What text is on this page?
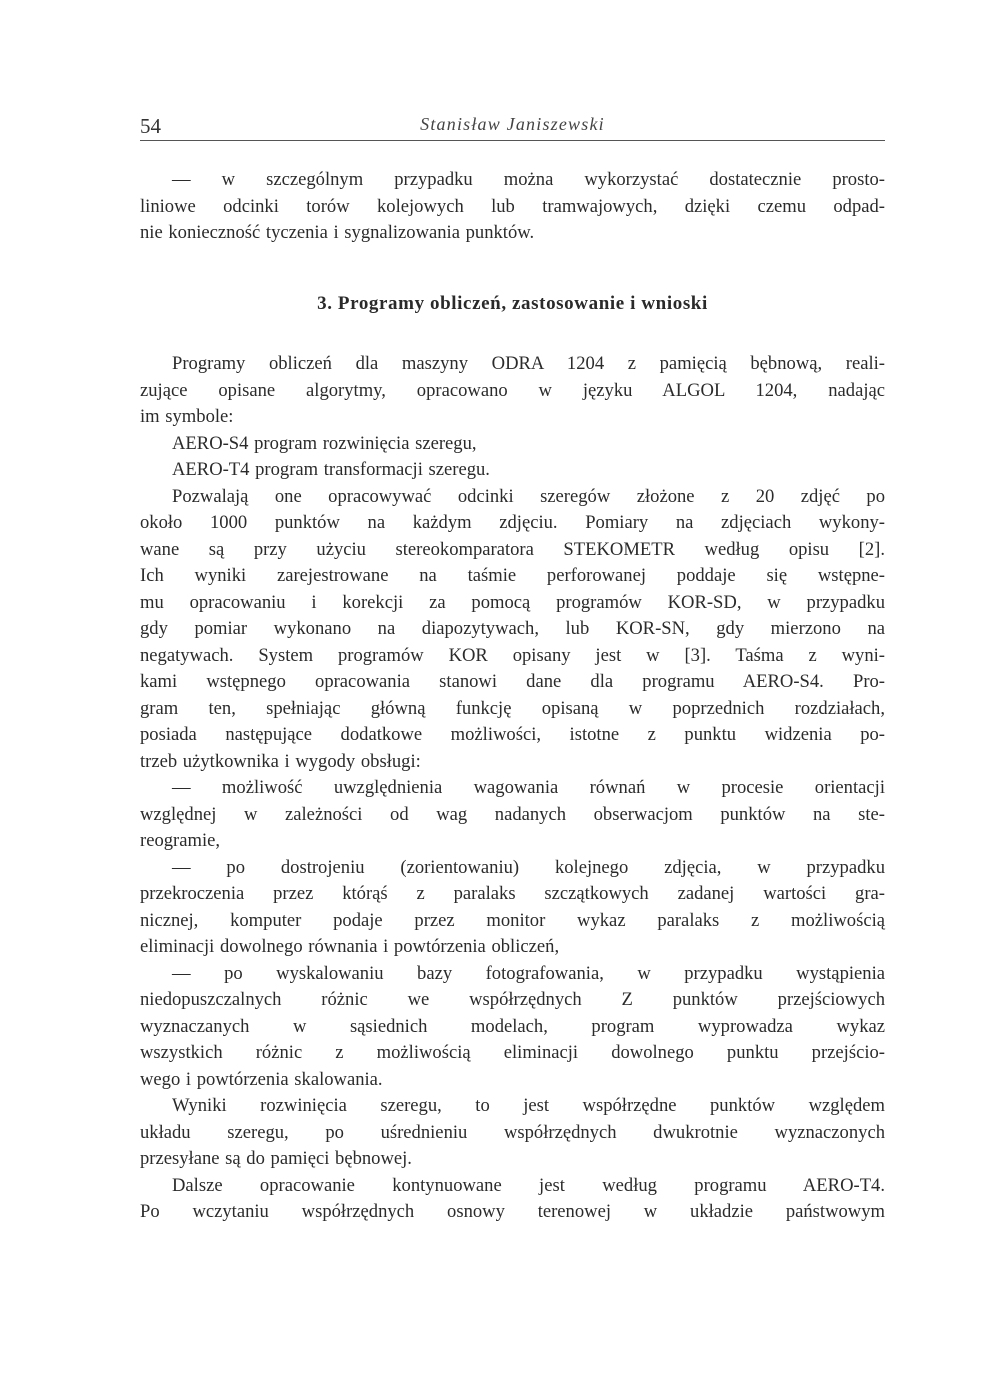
54	Stanisław Janiszewski

— w szczególnym przypadku można wykorzystać dostatecznie prosto-

liniowe odcinki torów kolejowych lub tramwajowych, dzięki czemu odpad-

nie konieczność tyczenia i sygnalizowania punktów.

3. Programy obliczeń, zastosowanie i wnioski

Programy obliczeń dla maszyny ODRA 1204 z pamięcią bębnową, reali-

zujące opisane algorytmy, opracowano w języku ALGOL 1204, nadając

im symbole:

AERO-S4 program rozwinięcia szeregu,

AERO-T4 program transformacji szeregu.

Pozwalają one opracowywać odcinki szeregów złożone z 20 zdjęć po

około 1000 punktów na każdym zdjęciu. Pomiary na zdjęciach wykony-

wane są przy użyciu stereokomparatora STEKOMETR według opisu [2].

Ich wyniki zarejestrowane na taśmie perforowanej poddaje się wstępne-

mu opracowaniu i korekcji za pomocą programów KOR-SD, w przypadku

gdy pomiar wykonano na diapozytywach, lub KOR-SN, gdy mierzono na

negatywach. System programów KOR opisany jest w [3]. Taśma z wyni-

kami wstępnego opracowania stanowi dane dla programu AERO-S4. Pro-

gram ten, spełniając główną funkcję opisaną w poprzednich rozdziałach,

posiada następujące dodatkowe możliwości, istotne z punktu widzenia po-

trzeb użytkownika i wygody obsługi:

— możliwość uwzględnienia wagowania równań w procesie orientacji

względnej w zależności od wag nadanych obserwacjom punktów na ste-

reogramie,

— po dostrojeniu (zorientowaniu) kolejnego zdjęcia, w przypadku

przekroczenia przez którąś z paralaks szczątkowych zadanej wartości gra-

nicznej, komputer podaje przez monitor wykaz paralaks z możliwością

eliminacji dowolnego równania i powtórzenia obliczeń,

— po wyskalowaniu bazy fotografowania, w przypadku wystąpienia

niedopuszczalnych różnic we współrzędnych Z punktów przejściowych

wyznaczanych w sąsiednich modelach, program wyprowadza wykaz

wszystkich różnic z możliwością eliminacji dowolnego punktu przejścio-

wego i powtórzenia skalowania.

Wyniki rozwinięcia szeregu, to jest współrzędne punktów względem

układu szeregu, po uśrednieniu współrzędnych dwukrotnie wyznaczonych

przesyłane są do pamięci bębnowej.

Dalsze opracowanie kontynuowane jest według programu AERO-T4.

Po wczytaniu współrzędnych osnowy terenowej w układzie państwowym
